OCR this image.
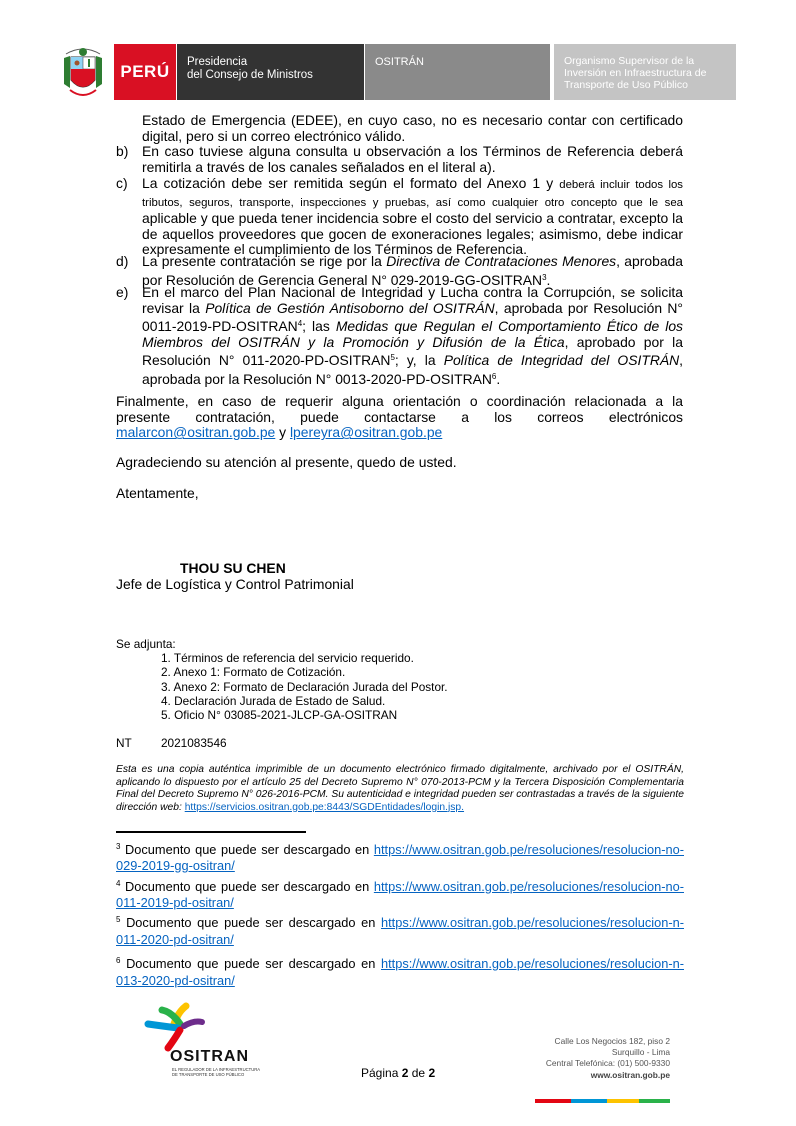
PERÚ Presidencia
del Consejo de Ministros
OSITRÁN	Organismo Supervisor de la
Inversión en Infraestructura de
Transporte de Uso Público
Estado de Emergencia (EDEE), en cuyo caso, no es necesario contar con certificado
digital, pero si un correo electrónico válido.
b) En caso tuviese alguna consulta u observación a los Términos de Referencia deberá remitirla a través de los canales señalados en el literal a).
c) La cotización debe ser remitida según el formato del Anexo 1 y deberá incluir todos los tributos, seguros, transporte, inspecciones y pruebas, así como cualquier otro concepto que le sea aplicable y que pueda tener incidencia sobre el costo del servicio a contratar, excepto la de aquellos proveedores que gocen de exoneraciones legales; asimismo, debe indicar expresamente el cumplimiento de los Términos de Referencia.
d) La presente contratación se rige por la Directiva de Contrataciones Menores, aprobada por Resolución de Gerencia General N° 029-2019-GG-OSITRAN$^3$.
e) En el marco del Plan Nacional de Integridad y Lucha contra la Corrupción, se solicita revisar la Política de Gestión Antisoborno del OSITRÁN, aprobada por Resolución N° 0011-2019-PD-OSITRAN$^4$; las Medidas que Regulan el Comportamiento Ético de los Miembros del OSITRÁN y la Promoción y Difusión de la Ética, aprobado por la Resolución N° 011-2020-PD-OSITRAN$^5$; y, la Política de Integridad del OSITRÁN, aprobada por la Resolución N° 0013-2020-PD-OSITRAN$^6$.
Finalmente, en caso de requerir alguna orientación o coordinación relacionada a la presente contratación, puede contactarse a los correos electrónicos malarcon@ositran.gob.pe y lpereyra@ositran.gob.pe
Agradeciendo su atención al presente, quedo de usted.
Atentamente,
THOU SU CHEN
Jefe de Logística y Control Patrimonial
Se adjunta:
1. Términos de referencia del servicio requerido.
2. Anexo 1: Formato de Cotización.
3. Anexo 2: Formato de Declaración Jurada del Postor.
4. Declaración Jurada de Estado de Salud.
5. Oficio N° 03085-2021-JLCP-GA-OSITRAN
NT 2021083546
Esta es una copia auténtica imprimible de un documento electrónico firmado digitalmente, archivado por el OSITRÁN, aplicando lo dispuesto por el artículo 25 del Decreto Supremo N° 070-2013-PCM y la Tercera Disposición Complementaria Final del Decreto Supremo N° 026-2016-PCM. Su autenticidad e integridad pueden ser contrastadas a través de la siguiente dirección web: https://servicios.ositran.gob.pe:8443/SGDEntidades/login.jsp.
$^3$ Documento que puede ser descargado en https://www.ositran.gob.pe/resoluciones/resolucion-no-029-2019-gg-ositran/
$^4$ Documento que puede ser descargado en https://www.ositran.gob.pe/resoluciones/resolucion-no-011-2019-pd-ositran/
$^5$ Documento que puede ser descargado en https://www.ositran.gob.pe/resoluciones/resolucion-n-011-2020-pd-ositran/
$^6$ Documento que puede ser descargado en https://www.ositran.gob.pe/resoluciones/resolucion-n-013-2020-pd-ositran/
OSITRAN
EL REGULADOR DE LA INFRAESTRUCTURA
DE TRANSPORTE DE USO PÚBLICO	Página 2 de 2
Calle Los Negocios 182, piso 2
Surquillo - Lima
Central Telefónica: (01) 500-9330
www.ositran.gob.pe
